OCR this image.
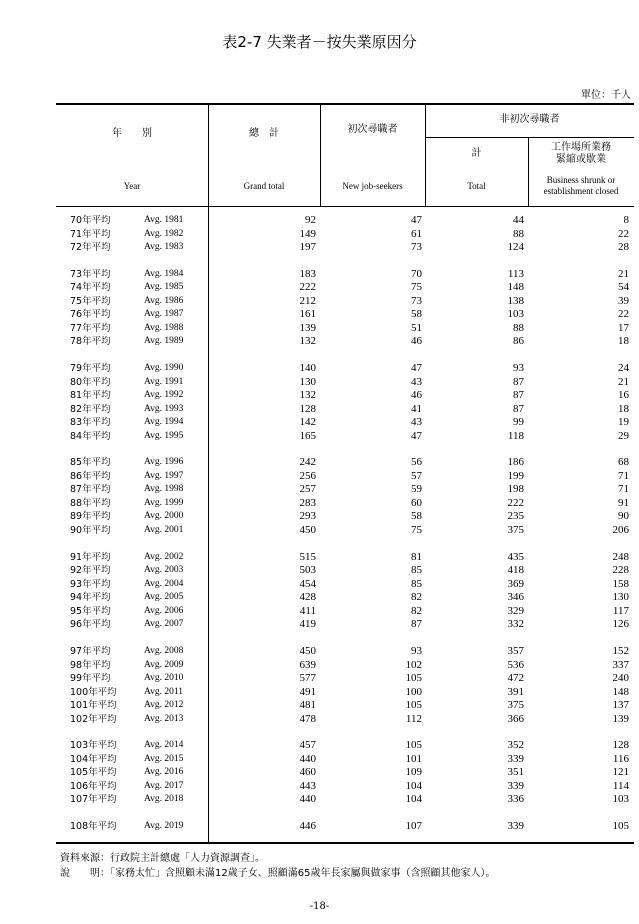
表2-7 失業者－按失業原因分
單位：千人
年　　別
Year
總　計
Grand total
初次尋職者
New job-seekers
非初次尋職者
計
Total
工作場所業務
緊縮或歇業
Business shrunk or
establishment closed
70年平均	Avg. 1981	92	47	44	8
71年平均	Avg. 1982	149	61	88	22
72年平均	Avg. 1983	197	73	124	28
73年平均	Avg. 1984	183	70	113	21
74年平均	Avg. 1985	222	75	148	54
75年平均	Avg. 1986	212	73	138	39
76年平均	Avg. 1987	161	58	103	22
77年平均	Avg. 1988	139	51	88	17
78年平均	Avg. 1989	132	46	86	18
79年平均	Avg. 1990	140	47	93	24
80年平均	Avg. 1991	130	43	87	21
81年平均	Avg. 1992	132	46	87	16
82年平均	Avg. 1993	128	41	87	18
83年平均	Avg. 1994	142	43	99	19
84年平均	Avg. 1995	165	47	118	29
85年平均	Avg. 1996	242	56	186	68
86年平均	Avg. 1997	256	57	199	71
87年平均	Avg. 1998	257	59	198	71
88年平均	Avg. 1999	283	60	222	91
89年平均	Avg. 2000	293	58	235	90
90年平均	Avg. 2001	450	75	375	206
91年平均	Avg. 2002	515	81	435	248
92年平均	Avg. 2003	503	85	418	228
93年平均	Avg. 2004	454	85	369	158
94年平均	Avg. 2005	428	82	346	130
95年平均	Avg. 2006	411	82	329	117
96年平均	Avg. 2007	419	87	332	126
97年平均	Avg. 2008	450	93	357	152
98年平均	Avg. 2009	639	102	536	337
99年平均	Avg. 2010	577	105	472	240
100年平均	Avg. 2011	491	100	391	148
101年平均	Avg. 2012	481	105	375	137
102年平均	Avg. 2013	478	112	366	139
103年平均	Avg. 2014	457	105	352	128
104年平均	Avg. 2015	440	101	339	116
105年平均	Avg. 2016	460	109	351	121
106年平均	Avg. 2017	443	104	339	114
107年平均	Avg. 2018	440	104	336	103
108年平均	Avg. 2019	446	107	339	105
資料來源：行政院主計總處「人力資源調查」。
說　　明：「家務太忙」含照顧未滿12歲子女、照顧滿65歲年長家屬與做家事（含照顧其他家人）。
-18-
